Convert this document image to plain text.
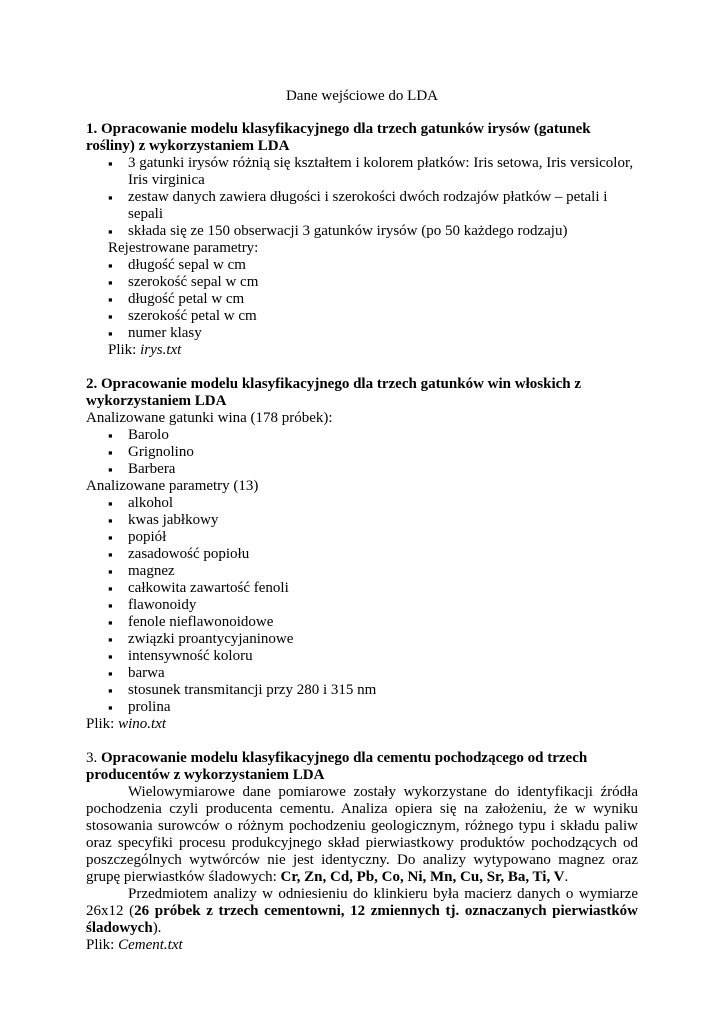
Dane wejściowe do LDA

1. Opracowanie modelu klasyfikacyjnego dla trzech gatunków irysów (gatunek rośliny) z wykorzystaniem LDA

▪ 3 gatunki irysów różnią się kształtem i kolorem płatków: Iris setowa, Iris versicolor, Iris virginica
▪ zestaw danych zawiera długości i szerokości dwóch rodzajów płatków – petali i sepali
▪ składa się ze 150 obserwacji 3 gatunków irysów (po 50 każdego rodzaju)
Rejestrowane parametry:
▪ długość sepal w cm
▪ szerokość sepal w cm
▪ długość petal w cm
▪ szerokość petal w cm
▪ numer klasy
Plik: irys.txt

2. Opracowanie modelu klasyfikacyjnego dla trzech gatunków win włoskich z wykorzystaniem LDA

Analizowane gatunki wina (178 próbek):
▪ Barolo
▪ Grignolino
▪ Barbera
Analizowane parametry (13)
▪ alkohol
▪ kwas jabłkowy
▪ popiół
▪ zasadowość popiołu
▪ magnez
▪ całkowita zawartość fenoli
▪ flawonoidy
▪ fenole nieflawonoidowe
▪ związki proantycyjaninowe
▪ intensywność koloru
▪ barwa
▪ stosunek transmitancji przy 280 i 315 nm
▪ prolina
Plik: wino.txt

3. Opracowanie modelu klasyfikacyjnego dla cementu pochodzącego od trzech producentów z wykorzystaniem LDA

Wielowymiarowe dane pomiarowe zostały wykorzystane do identyfikacji źródła pochodzenia czyli producenta cementu. Analiza opiera się na założeniu, że w wyniku stosowania surowców o różnym pochodzeniu geologicznym, różnego typu i składu paliw oraz specyfiki procesu produkcyjnego skład pierwiastkowy produktów pochodzących od poszczególnych wytwórców nie jest identyczny. Do analizy wytypowano magnez oraz grupę pierwiastków śladowych: Cr, Zn, Cd, Pb, Co, Ni, Mn, Cu, Sr, Ba, Ti, V.

Przedmiotem analizy w odniesieniu do klinkieru była macierz danych o wymiarze 26x12 (26 próbek z trzech cementowni, 12 zmiennych tj. oznaczanych pierwiastków śladowych).

Plik: Cement.txt
